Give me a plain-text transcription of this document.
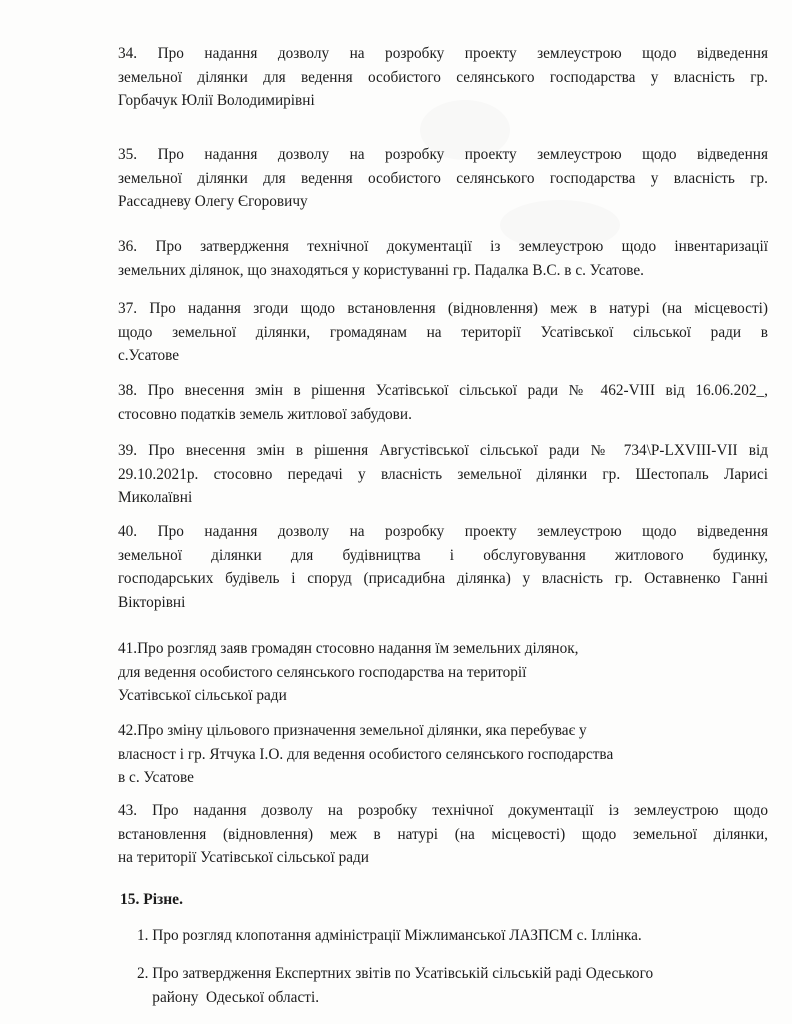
34. Про надання дозволу на розробку проекту землеустрою щодо відведення
земельної ділянки для ведення особистого селянського господарства у власність гр.
Горбачук Юлії Володимирівні
35. Про надання дозволу на розробку проекту землеустрою щодо відведення
земельної ділянки для ведення особистого селянського господарства у власність гр.
Рассадневу Олегу Єгоровичу
36. Про затвердження технічної документації із землеустрою щодо інвентаризації
земельних ділянок, що знаходяться у користуванні гр. Падалка В.С. в с. Усатове.
37. Про надання згоди щодо встановлення (відновлення) меж в натурі (на місцевості)
щодо земельної ділянки, громадянам на території Усатівської сільської ради в
с.Усатове
38. Про внесення змін в рішення Усатівської сільської ради № 462-VIII від 16.06.202_,
стосовно податків земель житлової забудови.
39. Про внесення змін в рішення Августівської сільської ради № 734\Р-LXVIII-VII від
29.10.2021р. стосовно передачі у власність земельної ділянки гр. Шестопаль Ларисі
Миколаївні
40. Про надання дозволу на розробку проекту землеустрою щодо відведення
земельної ділянки для будівництва і обслуговування житлового будинку,
господарських будівель і споруд (присадибна ділянка) у власність гр. Оставненко Ганні
Вікторівні
41.Про розгляд заяв громадян стосовно надання їм земельних ділянок,
для ведення особистого селянського господарства на території
Усатівської сільської ради
42.Про зміну цільового призначення земельної ділянки, яка перебуває у
власност і гр. Ятчука І.О. для ведення особистого селянського господарства
в с. Усатове
43. Про надання дозволу на розробку технічної документації із землеустрою щодо
встановлення (відновлення) меж в натурі (на місцевості) щодо земельної ділянки,
на території Усатівської сільської ради
15. Різне.
1. Про розгляд клопотання адміністрації Міжлиманської ЛАЗПСМ с. Іллінка.
2. Про затвердження Експертних звітів по Усатівській сільській раді Одеського
району  Одеської області.
